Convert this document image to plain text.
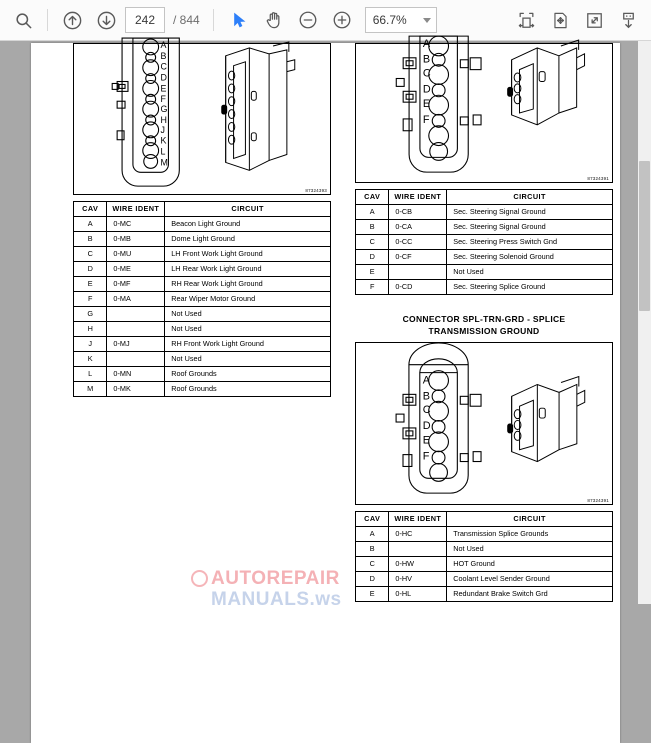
242
/ 844	66.7%
A
B
C
D
E
F
G
H
J
K
L
M
87324393
CAV	WIRE IDENT	CIRCUIT
A	0-MC	Beacon Light Ground
B	0-MB	Dome Light Ground
C	0-MU	LH Front Work Light Ground
D	0-ME	LH Rear Work Light Ground
E	0-MF	RH Rear Work Light Ground
F	0-MA	Rear Wiper Motor Ground
G		Not Used
H		Not Used
J	0-MJ	RH Front Work Light Ground
K		Not Used
L	0-MN	Roof Grounds
M	0-MK	Roof Grounds
A
B
C
D
E
F
87324391
CAV	WIRE IDENT	CIRCUIT
A	0-CB	Sec. Steering Signal Ground
B	0-CA	Sec. Steering Signal Ground
C	0-CC	Sec. Steering Press Switch Gnd
D	0-CF	Sec. Steering Solenoid Ground
E		Not Used
F	0-CD	Sec. Steering Splice Ground
CONNECTOR SPL-TRN-GRD - SPLICE
TRANSMISSION GROUND
A
B
C
D
E
F
87324391
CAV	WIRE IDENT	CIRCUIT
A	0-HC	Transmission Splice Grounds
B		Not Used
C	0-HW	HOT Ground
D	0-HV	Coolant Level Sender Ground
E	0-HL	Redundant Brake Switch Grd
AUTOREPAIR
MANUALS.ws
